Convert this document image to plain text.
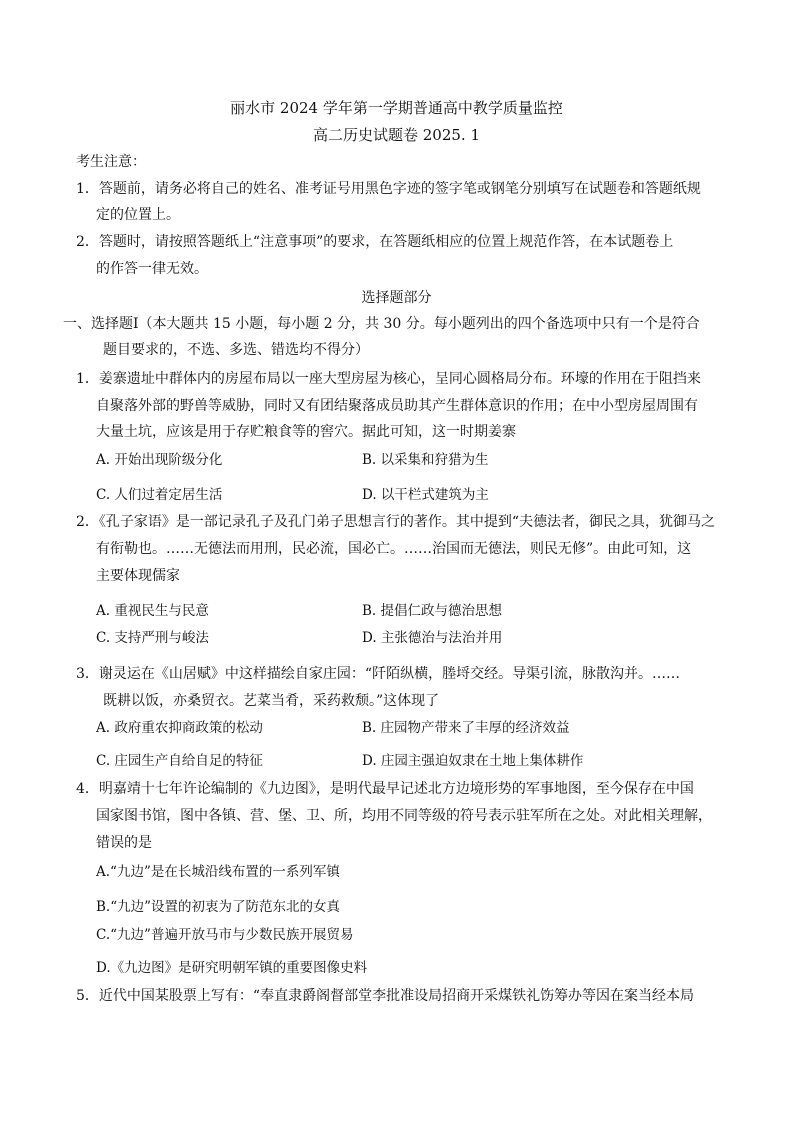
丽水市 2024 学年第一学期普通高中教学质量监控
高二历史试题卷 2025. 1
考生注意：
1．答题前，请务必将自己的姓名、准考证号用黑色字迹的签字笔或钢笔分别填写在试题卷和答题纸规
定的位置上。
2．答题时，请按照答题纸上“注意事项”的要求，在答题纸相应的位置上规范作答，在本试题卷上
的作答一律无效。
选择题部分
一、选择题Ⅰ（本大题共 15 小题，每小题 2 分，共 30 分。每小题列出的四个备选项中只有一个是符合
题目要求的，不选、多选、错选均不得分）
1．姜寨遗址中群体内的房屋布局以一座大型房屋为核心，呈同心圆格局分布。环壕的作用在于阻挡来
自聚落外部的野兽等威胁，同时又有团结聚落成员助其产生群体意识的作用；在中小型房屋周围有
大量土坑，应该是用于存贮粮食等的窖穴。据此可知，这一时期姜寨
A. 开始出现阶级分化	B. 以采集和狩猎为生
C. 人们过着定居生活	D. 以干栏式建筑为主
2．《孔子家语》是一部记录孔子及孔门弟子思想言行的著作。其中提到“夫德法者，御民之具，犹御马之
有衔勒也。……无德法而用刑，民必流，国必亡。……治国而无德法，则民无修”。由此可知，这
主要体现儒家
A. 重视民生与民意	B. 提倡仁政与德治思想
C. 支持严刑与峻法	D. 主张德治与法治并用
3．谢灵运在《山居赋》中这样描绘自家庄园：“阡陌纵横，塍埒交经。导渠引流，脉散沟并。……
既耕以饭，亦桑贸衣。艺菜当肴，采药救颓。”这体现了
A. 政府重农抑商政策的松动	B. 庄园物产带来了丰厚的经济效益
C. 庄园生产自给自足的特征	D. 庄园主强迫奴隶在土地上集体耕作
4．明嘉靖十七年许论编制的《九边图》，是明代最早记述北方边境形势的军事地图，至今保存在中国
国家图书馆，图中各镇、营、堡、卫、所，均用不同等级的符号表示驻军所在之处。对此相关理解，
错误的是
A.“九边”是在长城沿线布置的一系列军镇
B.“九边”设置的初衷为了防范东北的女真
C.“九边”普遍开放马市与少数民族开展贸易
D.《九边图》是研究明朝军镇的重要图像史料
5．近代中国某股票上写有：“奉直隶爵阁督部堂李批准设局招商开采煤铁礼饬筹办等因在案当经本局
